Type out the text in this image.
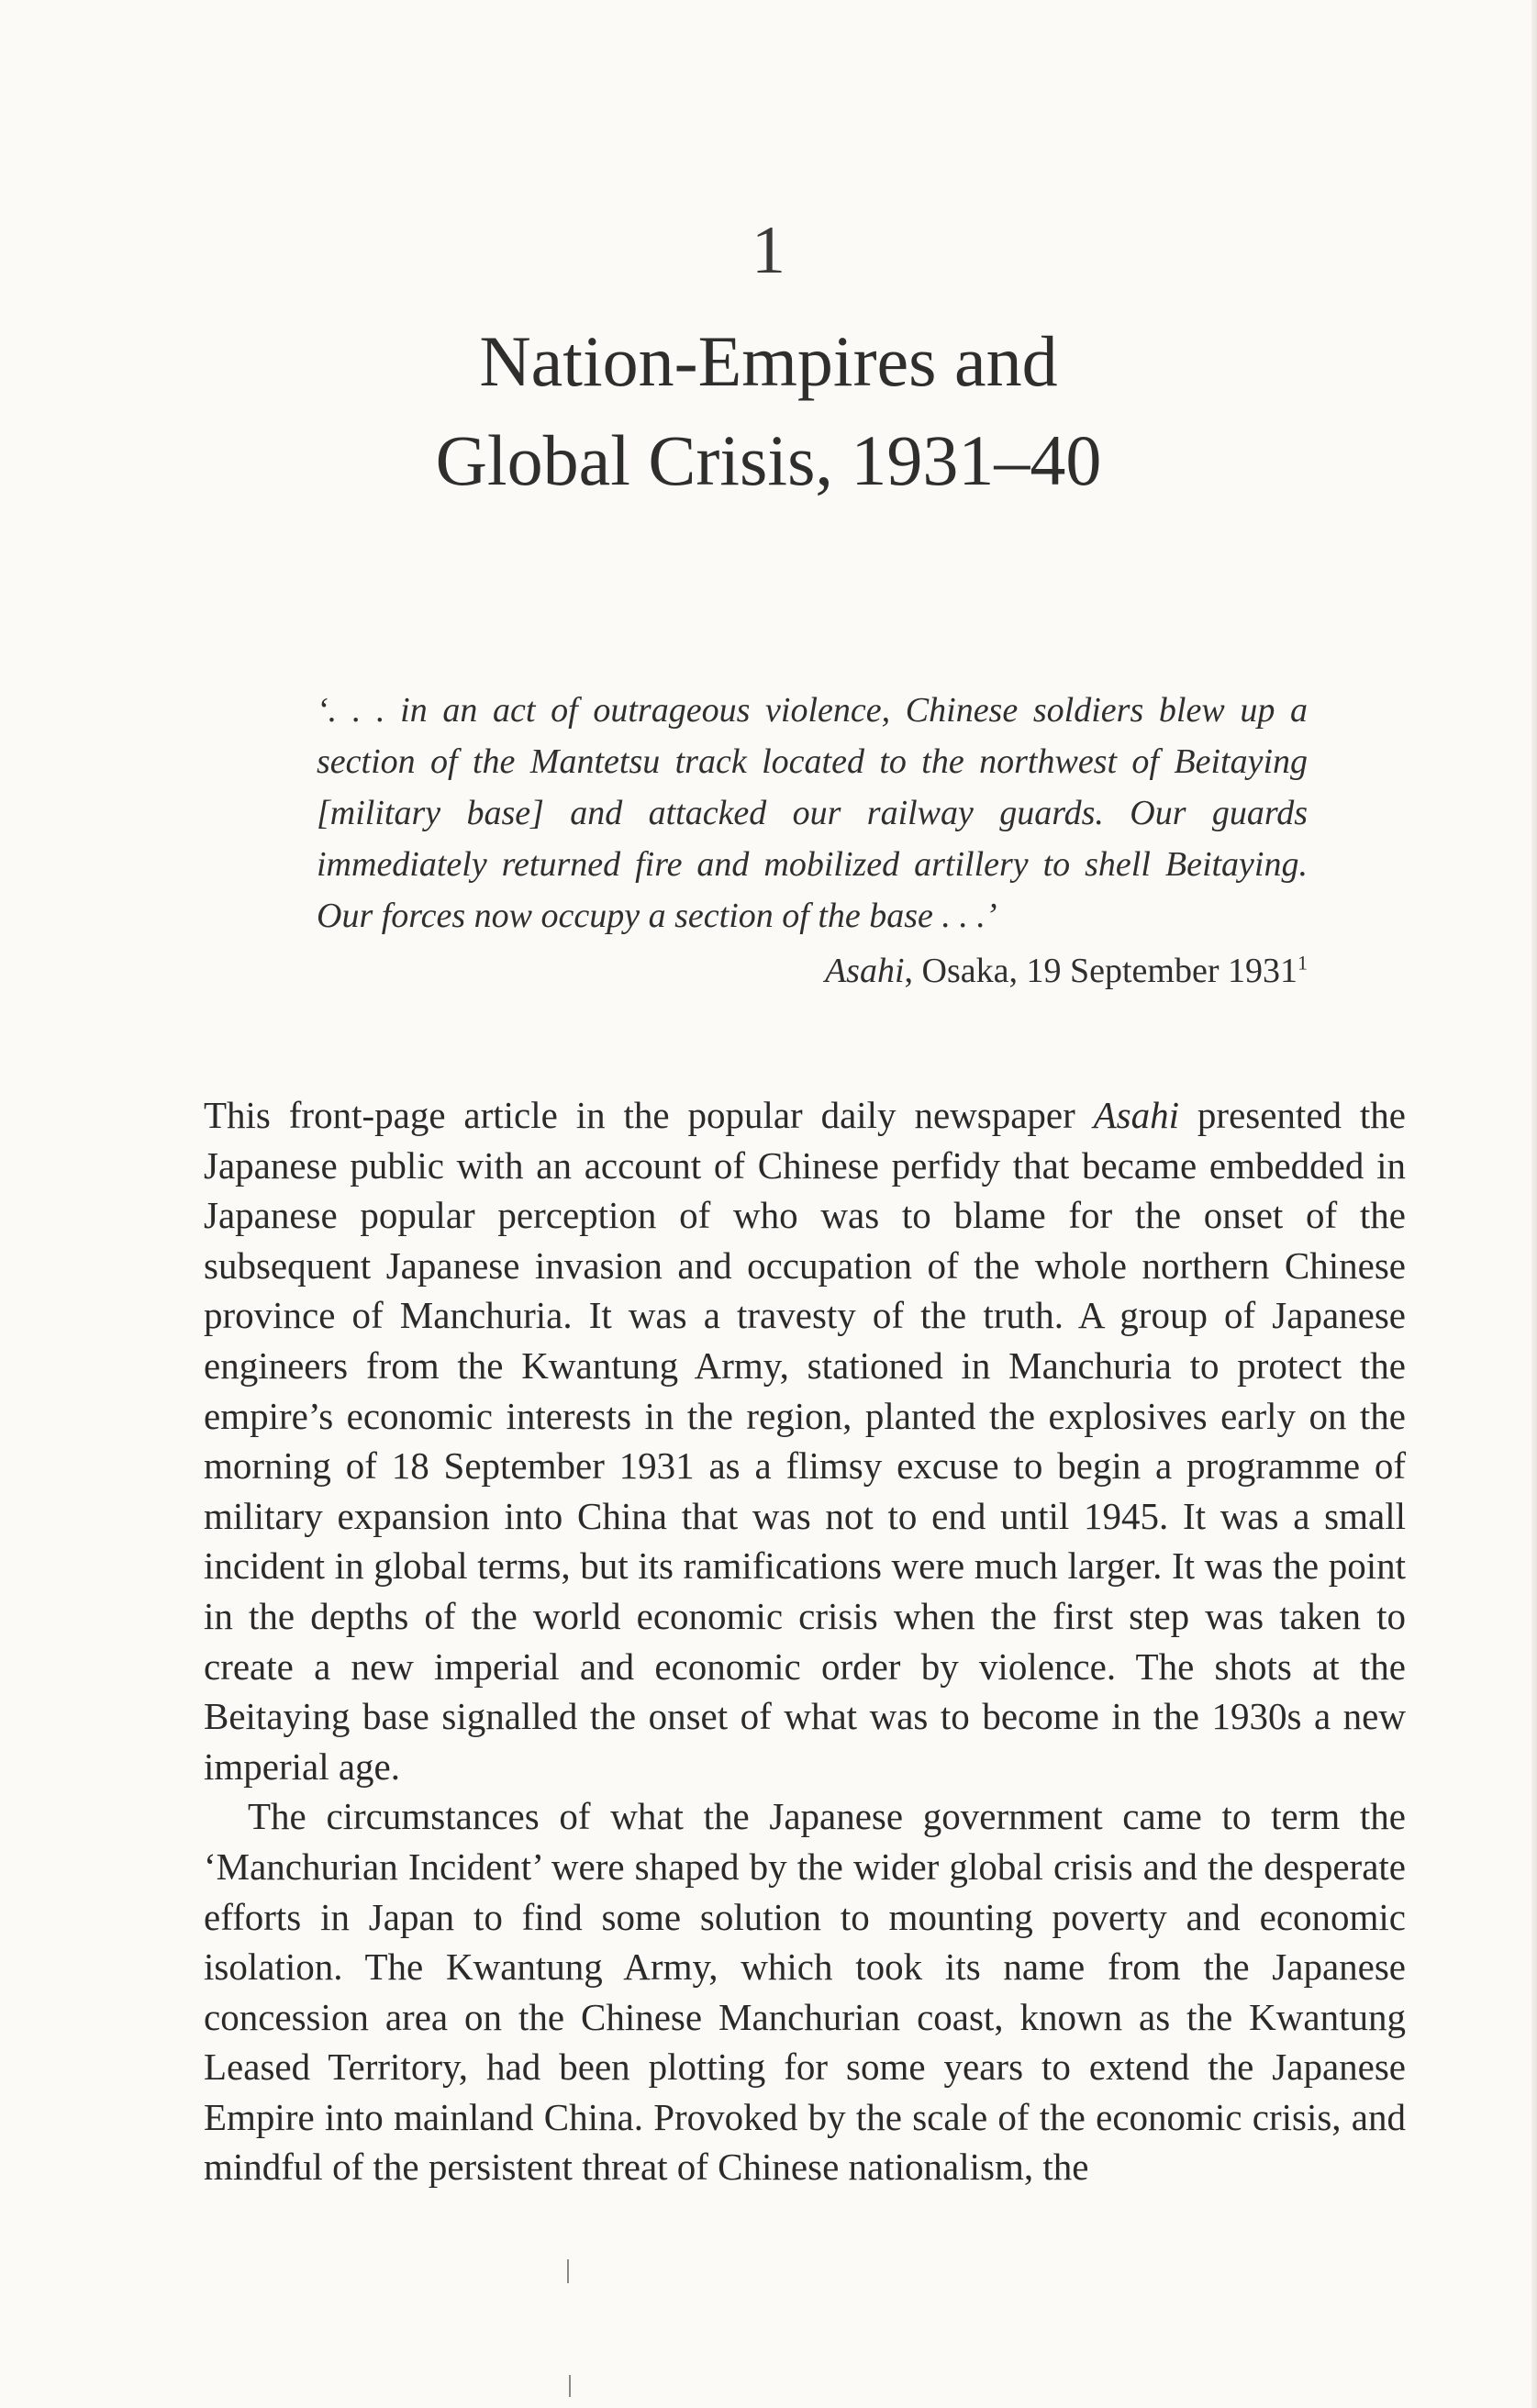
1
Nation-Empires and
Global Crisis, 1931–40
‘. . . in an act of outrageous violence, Chinese soldiers blew up a section of the Mantetsu track located to the northwest of Beitaying [military base] and attacked our railway guards. Our guards immediately returned fire and mobilized artillery to shell Beitaying. Our forces now occupy a section of the base . . .’
Asahi, Osaka, 19 September 1931$^1$

This front-page article in the popular daily newspaper Asahi presented the Japanese public with an account of Chinese perfidy that became embedded in Japanese popular perception of who was to blame for the onset of the subsequent Japanese invasion and occupation of the whole northern Chinese province of Manchuria. It was a travesty of the truth. A group of Japanese engineers from the Kwantung Army, stationed in Manchuria to protect the empire’s economic interests in the region, planted the explosives early on the morning of 18 September 1931 as a flimsy excuse to begin a programme of military expansion into China that was not to end until 1945. It was a small incident in global terms, but its ramifications were much larger. It was the point in the depths of the world economic crisis when the first step was taken to create a new imperial and economic order by violence. The shots at the Beitaying base signalled the onset of what was to become in the 1930s a new imperial age.

The circumstances of what the Japanese government came to term the ‘Manchurian Incident’ were shaped by the wider global crisis and the desperate efforts in Japan to find some solution to mounting poverty and economic isolation. The Kwantung Army, which took its name from the Japanese concession area on the Chinese Manchurian coast, known as the Kwantung Leased Territory, had been plotting for some years to extend the Japanese Empire into mainland China. Provoked by the scale of the economic crisis, and mindful of the persistent threat of Chinese nationalism, the
